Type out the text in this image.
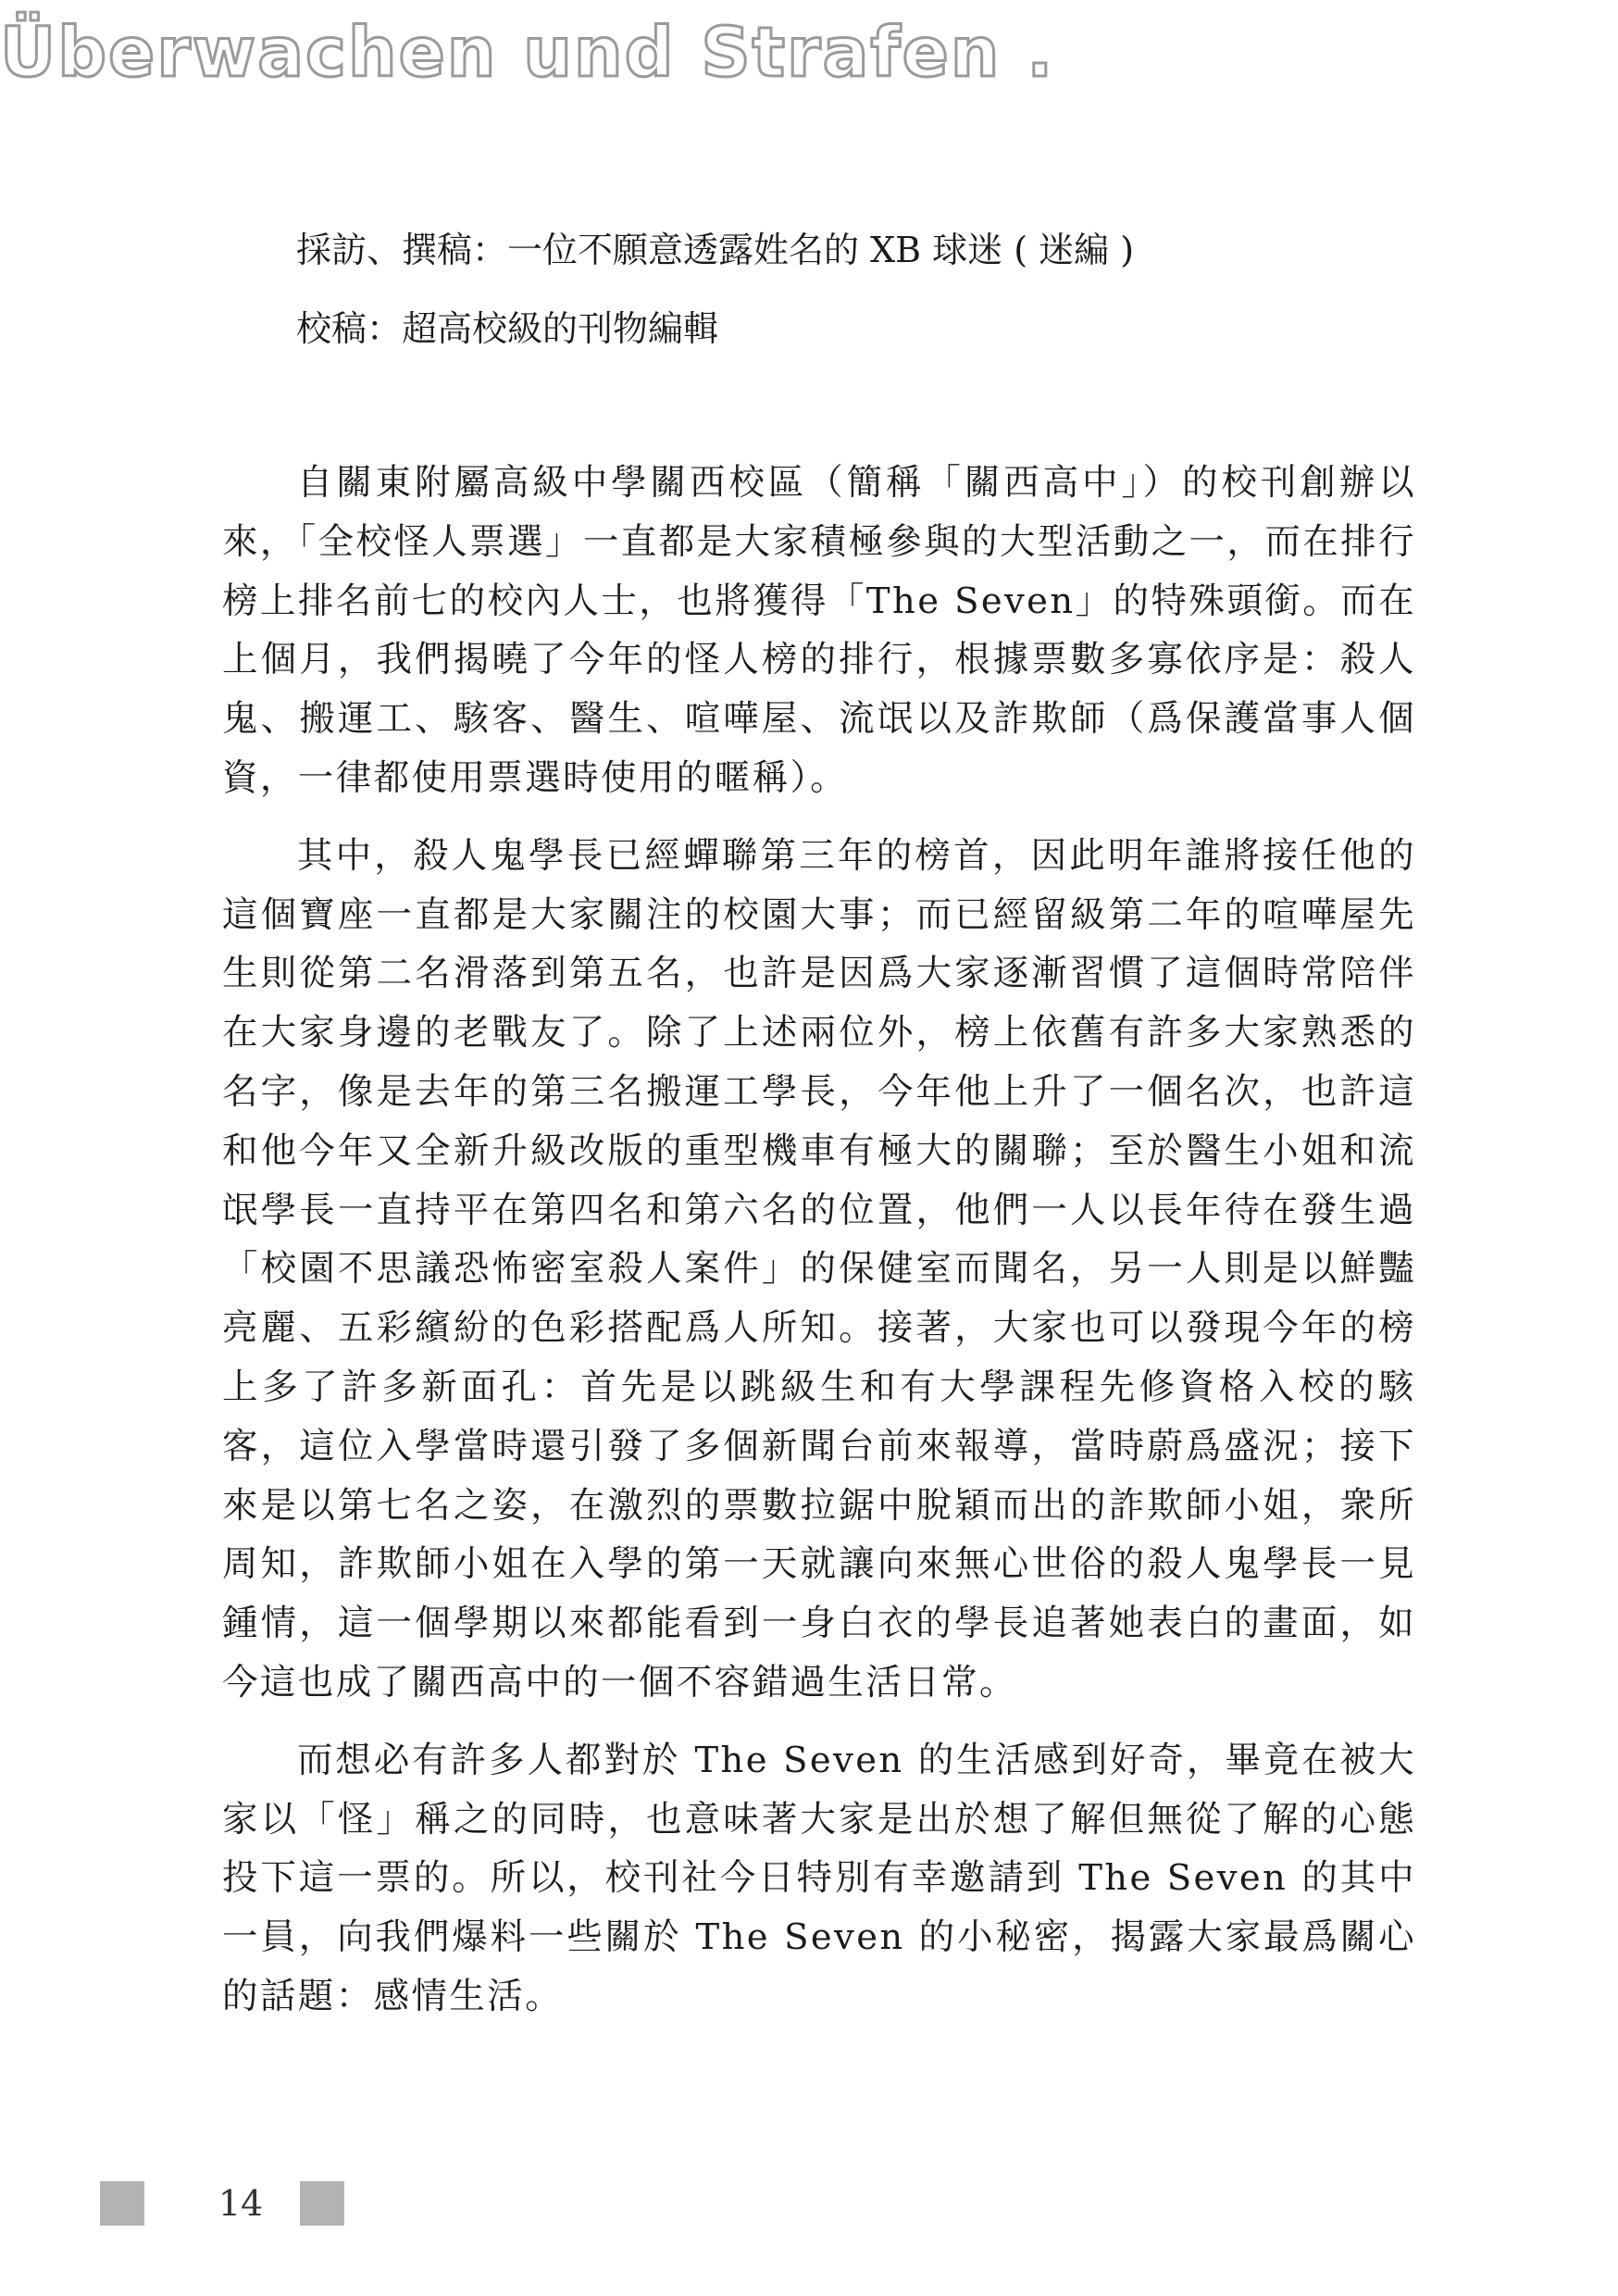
Überwachen und Strafen .
採訪、撰稿：一位不願意透露姓名的 XB 球迷 ( 迷編 )
校稿：超高校級的刊物編輯

自關東附屬高級中學關西校區（簡稱「關西高中」）的校刊創辦以來，「全校怪人票選」一直都是大家積極參與的大型活動之一，而在排行榜上排名前七的校內人士，也將獲得「The Seven」的特殊頭銜。而在上個月，我們揭曉了今年的怪人榜的排行，根據票數多寡依序是：殺人鬼、搬運工、駭客、醫生、喧嘩屋、流氓以及詐欺師（爲保護當事人個資，一律都使用票選時使用的暱稱）。

其中，殺人鬼學長已經蟬聯第三年的榜首，因此明年誰將接任他的這個寶座一直都是大家關注的校園大事；而已經留級第二年的喧嘩屋先生則從第二名滑落到第五名，也許是因爲大家逐漸習慣了這個時常陪伴在大家身邊的老戰友了。除了上述兩位外，榜上依舊有許多大家熟悉的名字，像是去年的第三名搬運工學長，今年他上升了一個名次，也許這和他今年又全新升級改版的重型機車有極大的關聯；至於醫生小姐和流氓學長一直持平在第四名和第六名的位置，他們一人以長年待在發生過「校園不思議恐怖密室殺人案件」的保健室而聞名，另一人則是以鮮豔亮麗、五彩繽紛的色彩搭配爲人所知。接著，大家也可以發現今年的榜上多了許多新面孔：首先是以跳級生和有大學課程先修資格入校的駭客，這位入學當時還引發了多個新聞台前來報導，當時蔚爲盛況；接下來是以第七名之姿，在激烈的票數拉鋸中脫穎而出的詐欺師小姐，衆所周知，詐欺師小姐在入學的第一天就讓向來無心世俗的殺人鬼學長一見鍾情，這一個學期以來都能看到一身白衣的學長追著她表白的畫面，如今這也成了關西高中的一個不容錯過生活日常。

而想必有許多人都對於 The Seven 的生活感到好奇，畢竟在被大家以「怪」稱之的同時，也意味著大家是出於想了解但無從了解的心態投下這一票的。所以，校刊社今日特別有幸邀請到 The Seven 的其中一員，向我們爆料一些關於 The Seven 的小秘密，揭露大家最爲關心的話題：感情生活。

14
